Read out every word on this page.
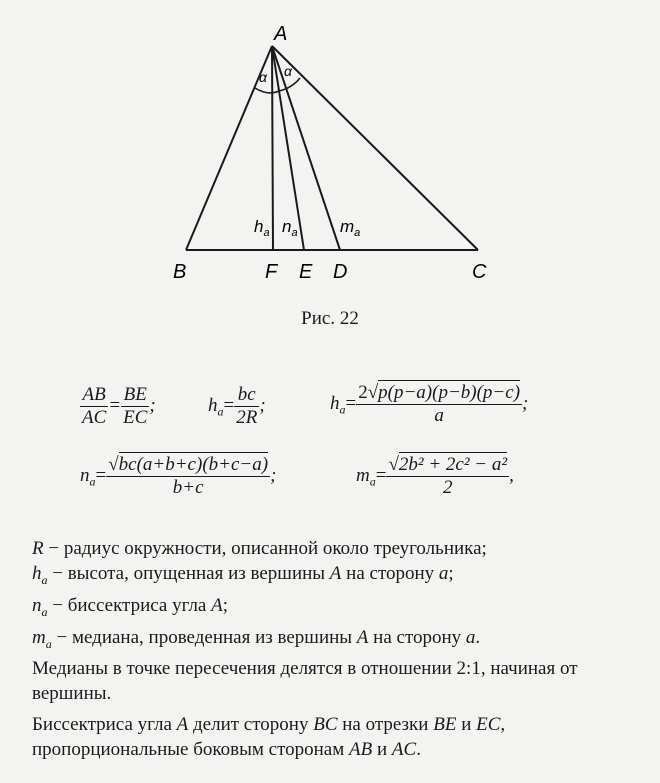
A
α α
$h_a$ $n_a$ $m_a$
B	F E D	C
Рис. 22
$\frac{AB}{AC} = \frac{BE}{EC}$ ;	$h_a= \frac{bc}{2R}$ ;	$h_a= \frac{2√p(p-a)(p-b)(p-c)}{a}$ ;
$n_a= \frac{√bc(a+b+c)(b+c-a)}{b+c}$ ;	$m_a= \frac{\text{√2b² + 2c² − a²}}{2}$ ,

R − радиус окружности, описанной около треугольника;

$h_a$ − высота, опущенная из вершины A на сторону a;

$n_a$ − биссектриса угла A;

$m_a$ − медиана, проведенная из вершины A на сторону a.

Медианы в точке пересечения делятся в отношении 2:1, начиная от вершины.

Биссектриса угла A делит сторону BC на отрезки BE и EC,
пропорциональные боковым сторонам AB и AC.
